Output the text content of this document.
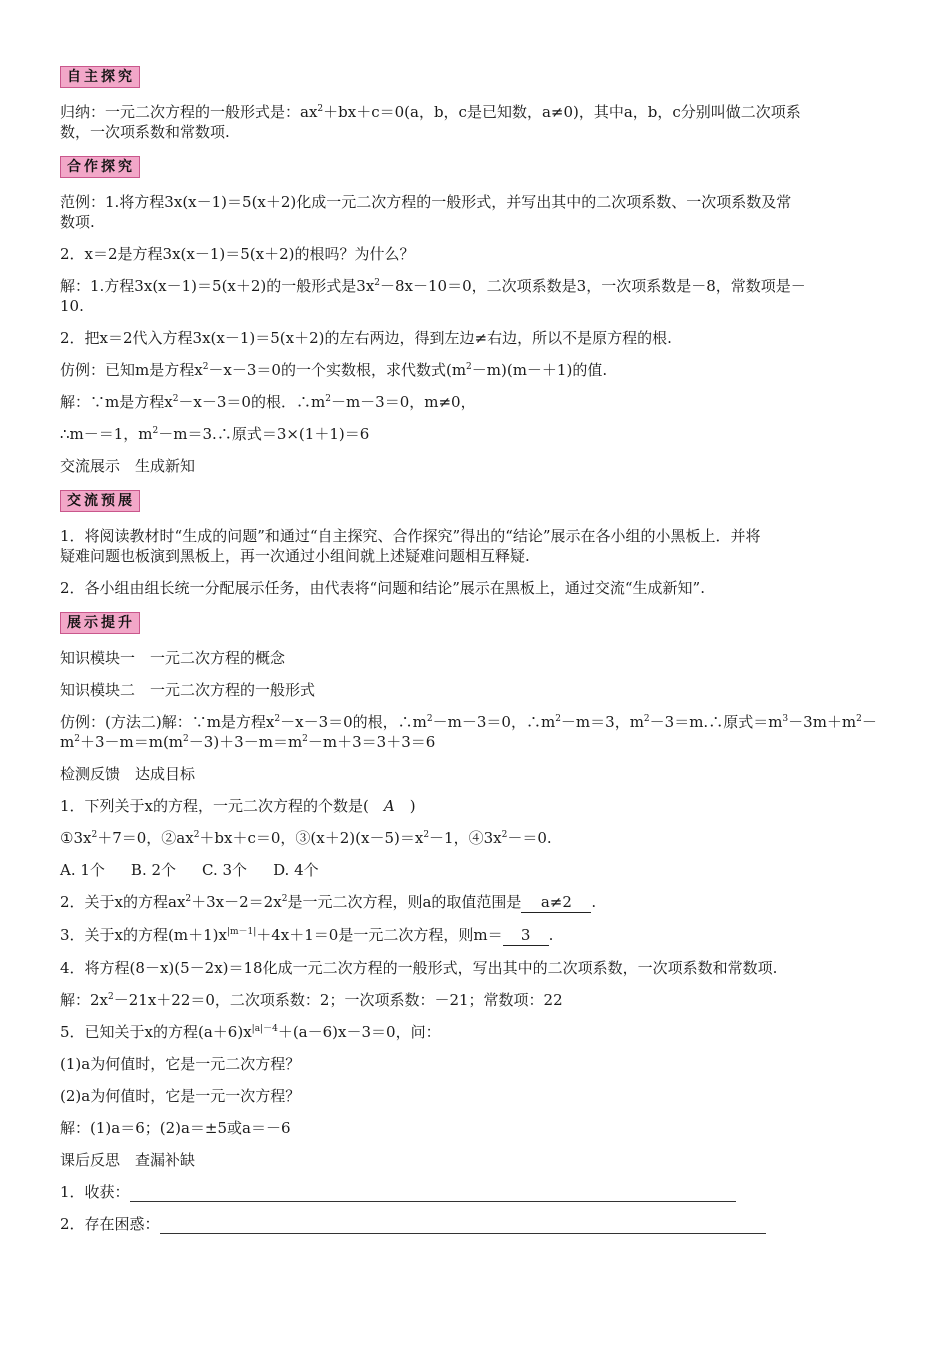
自主探究

归纳：一元二次方程的一般形式是：$ax^2+bx+c=0(a$，b，c是已知数，a≠0)，其中a，b，c分别叫做二次项系
数，一次项系数和常数项.

合作探究

范例：1.将方程3x(x－1)＝5(x＋2)化成一元二次方程的一般形式，并写出其中的二次项系数、一次项系数及常
数项.

2．x＝2是方程3x(x－1)＝5(x＋2)的根吗？为什么？

解：1.方程3x(x－1)＝5(x＋2)的一般形式是$3x^2-8x-10=0$，二次项系数是3，一次项系数是－8，常数项是－
10.

2．把x＝2代入方程3x(x－1)＝5(x＋2)的左右两边，得到左边≠右边，所以不是原方程的根.

仿例：已知m是方程$x^2-x-3=0$的一个实数根，求代数式$(m^2-m)(m-+1)$的值.

解：∵m是方程$x^2-x-3=0$的根．$\therefore m^2-m-3=0$，m≠0，

∴m－＝1，$m^2-m=3.\therefore$原式＝3×(1＋1)＝6

交流展示　生成新知

交流预展

1．将阅读教材时“生成的问题”和通过“自主探究、合作探究”得出的“结论”展示在各小组的小黑板上．并将
疑难问题也板演到黑板上，再一次通过小组间就上述疑难问题相互释疑.

2．各小组由组长统一分配展示任务，由代表将“问题和结论”展示在黑板上，通过交流“生成新知”.

展示提升

知识模块一　一元二次方程的概念

知识模块二　一元二次方程的一般形式

仿例：(方法二)解：∵m是方程$x^2-x-3=0$的根，$\therefore m^2-m-3=0$，$\therefore m^2-m=3$，$m^2-3=m.\therefore$原式$=m^3-3m+m^2-$
$m^2+3-m=m(m^2-3)+3-m=m^2-m+3=3+3=6$

检测反馈　达成目标

1．下列关于x的方程，一元二次方程的个数是(　 A　 )

$①3x^2+7=0$，$②ax^2+bx+c=0$，$③(x+2)(x-5)=x^2-1$，$④3x^2-=0$.

A. 1个 B. 2个 C. 3个 D. 4个

2．关于x的方程$ax^2+3x-2=2x^2$是一元二次方程，则a的取值范围是 a≠2 .

3．关于x的方程$(m+1)x^{|m-1|}+4x+1=0$是一元二次方程，则m＝ 3 .

4．将方程(8－x)(5－2x)＝18化成一元二次方程的一般形式，写出其中的二次项系数，一次项系数和常数项.

解：$2x^2-21x+22=0$，二次项系数：2；一次项系数：－21；常数项：22

5．已知关于x的方程$(a+6)x^{|a|-4}+(a-6)x-3=0$，问：

(1)a为何值时，它是一元二次方程？

(2)a为何值时，它是一元一次方程？

解：(1)a＝6；(2)a＝±5或a＝－6

课后反思　查漏补缺

1．收获：

2．存在困惑：
